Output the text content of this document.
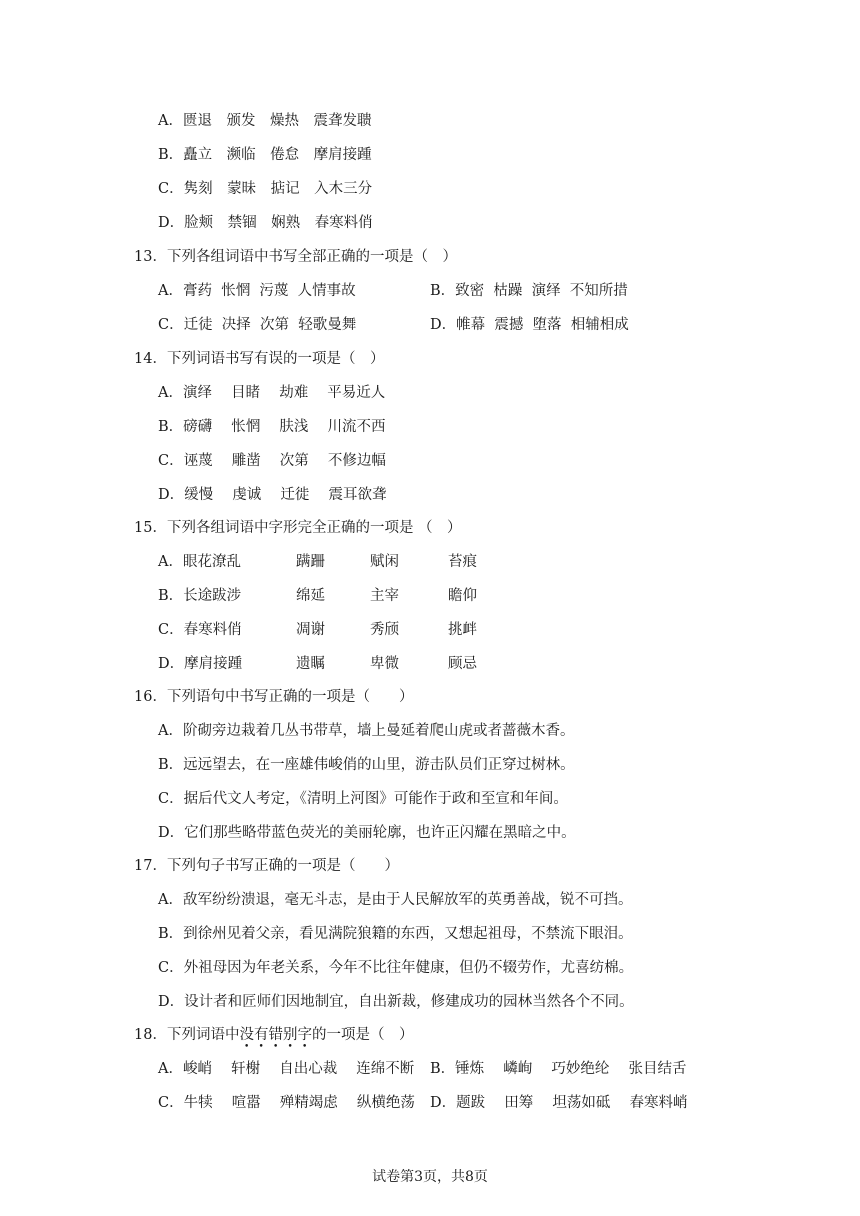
A．匮退　颁发　燥热　震聋发聩
B．矗立　濒临　倦怠　摩肩接踵
C．隽刻　蒙昧　掂记　入木三分
D．脸颊　禁锢　娴熟　春寒料俏
13．下列各组词语中书写全部正确的一项是（　）
A．膏药  怅惘  污蔑  人情事故	B．致密  枯躁  演绎  不知所措
C．迁徒  决择  次第  轻歌曼舞	D．帷幕  震撼  堕落  相辅相成
14．下列词语书写有误的一项是（　）
A．演绎　 目睹　 劫难　 平易近人
B．磅礴　 怅惘　 肤浅　 川流不西
C．诬蔑　 雕凿　 次第　 不修边幅
D．缓慢　 虔诚　 迁徙　 震耳欲聋
15．下列各组词语中字形完全正确的一项是 （　）
A．眼花潦乱	蹒跚	赋闲	苔痕
B．长途跋涉	绵延	主宰	瞻仰
C．春寒料俏	凋谢	秀颀	挑衅
D．摩肩接踵	遗瞩	卑微	顾忌
16．下列语句中书写正确的一项是（　　）
A．阶砌旁边栽着几丛书带草，墙上曼延着爬山虎或者蔷薇木香。
B．远远望去，在一座雄伟峻俏的山里，游击队员们正穿过树林。
C．据后代文人考定，《清明上河图》可能作于政和至宣和年间。
D．它们那些略带蓝色荧光的美丽轮廓，也许正闪耀在黑暗之中。
17．下列句子书写正确的一项是（　　）
A．敌军纷纷溃退，毫无斗志，是由于人民解放军的英勇善战，锐不可挡。
B．到徐州见着父亲，看见满院狼籍的东西，又想起祖母，不禁流下眼泪。
C．外祖母因为年老关系，今年不比往年健康，但仍不辍劳作，尤喜纺棉。
D．设计者和匠师们因地制宜，自出新裁，修建成功的园林当然各个不同。
18．下列词语中没
•
有
•
错
•
别
•
字
•
的一项是（　）
A．峻峭　 轩榭　 自出心裁　 连绵不断 B．锤炼　 嶙峋　 巧妙绝纶　 张目结舌
C．牛犊　 喧嚣　 殚精竭虑　 纵横绝荡 D．题跋　 田筹　 坦荡如砥　 春寒料峭
试卷第3页，共8页
